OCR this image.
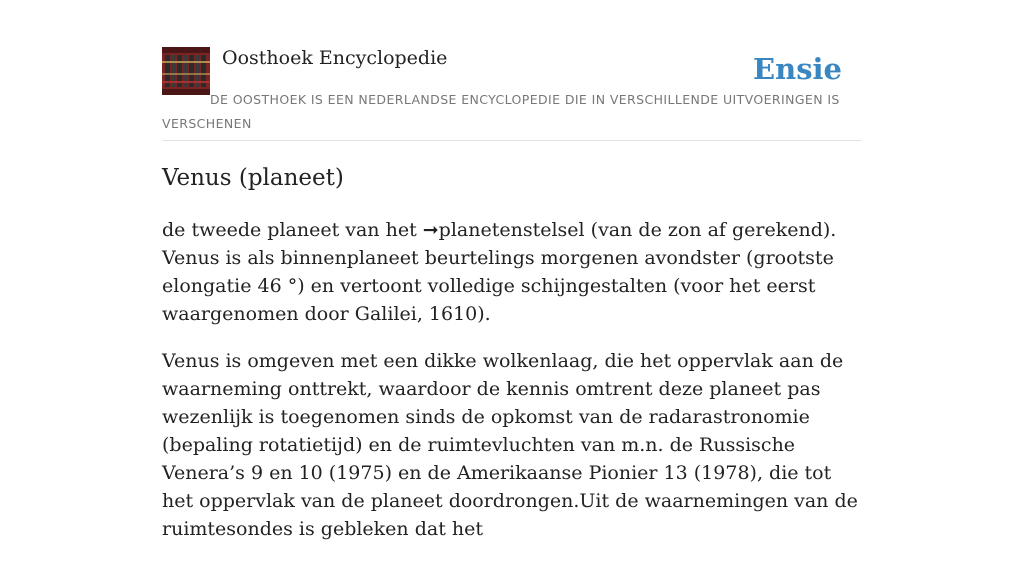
Oosthoek Encyclopedie	Ensie
DE OOSTHOEK IS EEN NEDERLANDSE ENCYCLOPEDIE DIE IN VERSCHILLENDE UITVOERINGEN IS VERSCHENEN
Venus (planeet)

de tweede planeet van het ➞planetenstelsel (van de zon af gerekend). Venus is als binnenplaneet beurtelings morgenen avondster (grootste elongatie 46 °) en vertoont volledige schijngestalten (voor het eerst waargenomen door Galilei, 1610).

Venus is omgeven met een dikke wolkenlaag, die het oppervlak aan de waarneming onttrekt, waardoor de kennis omtrent deze planeet pas wezenlijk is toegenomen sinds de opkomst van de radarastronomie (bepaling rotatietijd) en de ruimtevluchten van m.n. de Russische Venera’s 9 en 10 (1975) en de Amerikaanse Pionier 13 (1978), die tot het oppervlak van de planeet doordrongen.Uit de waarnemingen van de ruimtesondes is gebleken dat het
